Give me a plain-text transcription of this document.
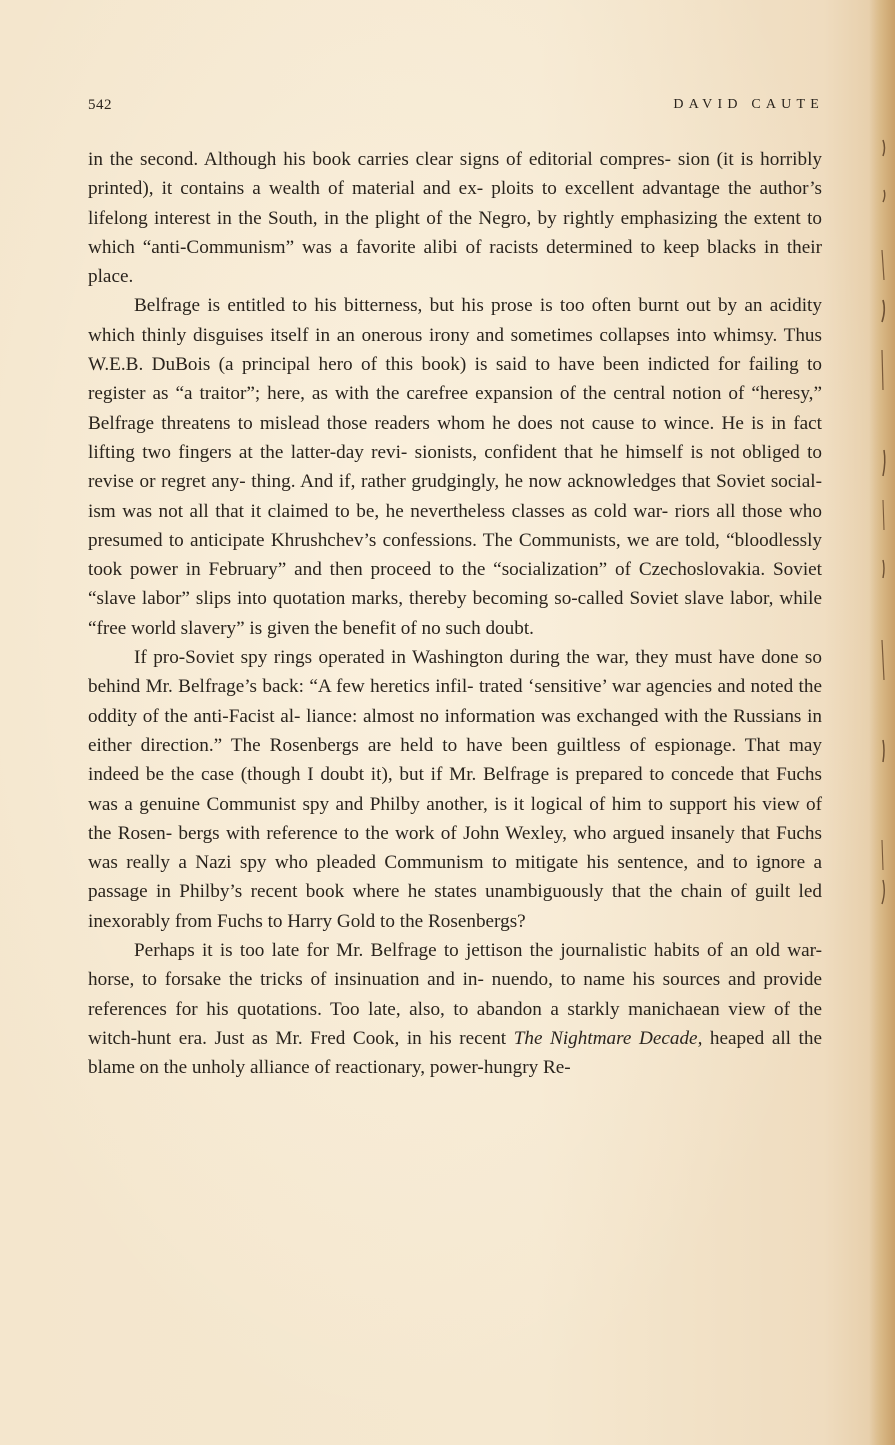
542	DAVID CAUTE

in the second. Although his book carries clear signs of editorial compres- sion (it is horribly printed), it contains a wealth of material and ex- ploits to excellent advantage the author’s lifelong interest in the South, in the plight of the Negro, by rightly emphasizing the extent to which “anti-Communism” was a favorite alibi of racists determined to keep blacks in their place.

Belfrage is entitled to his bitterness, but his prose is too often burnt out by an acidity which thinly disguises itself in an onerous irony and sometimes collapses into whimsy. Thus W.E.B. DuBois (a principal hero of this book) is said to have been indicted for failing to register as “a traitor”; here, as with the carefree expansion of the central notion of “heresy,” Belfrage threatens to mislead those readers whom he does not cause to wince. He is in fact lifting two fingers at the latter-day revi- sionists, confident that he himself is not obliged to revise or regret any- thing. And if, rather grudgingly, he now acknowledges that Soviet social- ism was not all that it claimed to be, he nevertheless classes as cold war- riors all those who presumed to anticipate Khrushchev’s confessions. The Communists, we are told, “bloodlessly took power in February” and then proceed to the “socialization” of Czechoslovakia. Soviet “slave labor” slips into quotation marks, thereby becoming so-called Soviet slave labor, while “free world slavery” is given the benefit of no such doubt.

If pro-Soviet spy rings operated in Washington during the war, they must have done so behind Mr. Belfrage’s back: “A few heretics infil- trated ‘sensitive’ war agencies and noted the oddity of the anti-Facist al- liance: almost no information was exchanged with the Russians in either direction.” The Rosenbergs are held to have been guiltless of espionage. That may indeed be the case (though I doubt it), but if Mr. Belfrage is prepared to concede that Fuchs was a genuine Communist spy and Philby another, is it logical of him to support his view of the Rosen- bergs with reference to the work of John Wexley, who argued insanely that Fuchs was really a Nazi spy who pleaded Communism to mitigate his sentence, and to ignore a passage in Philby’s recent book where he states unambiguously that the chain of guilt led inexorably from Fuchs to Harry Gold to the Rosenbergs?

Perhaps it is too late for Mr. Belfrage to jettison the journalistic habits of an old war-horse, to forsake the tricks of insinuation and in- nuendo, to name his sources and provide references for his quotations. Too late, also, to abandon a starkly manichaean view of the witch-hunt era. Just as Mr. Fred Cook, in his recent The Nightmare Decade, heaped all the blame on the unholy alliance of reactionary, power-hungry Re-
